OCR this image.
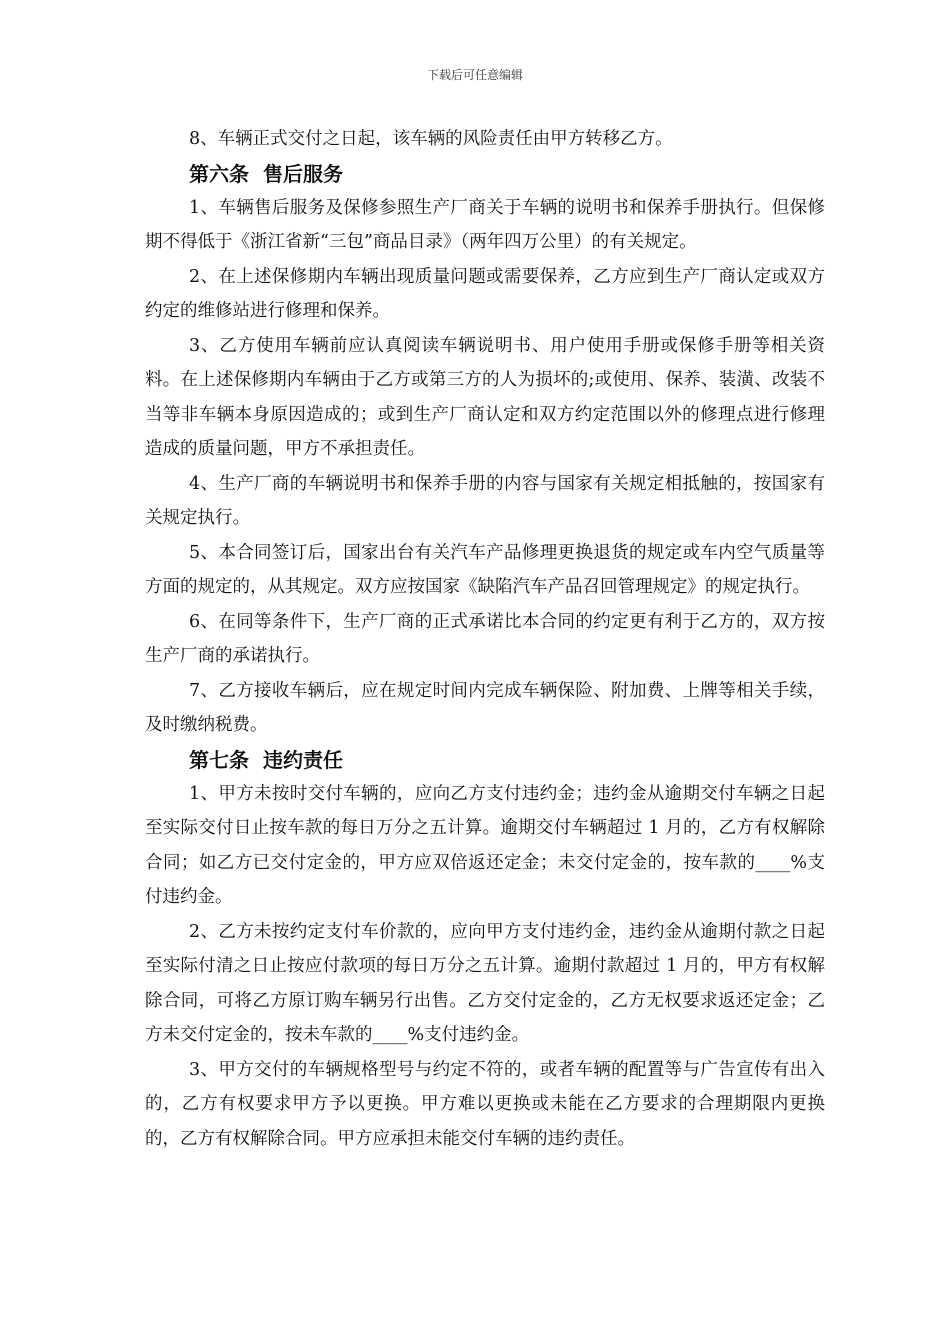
下载后可任意编辑

8、车辆正式交付之日起，该车辆的风险责任由甲方转移乙方。

第六条 售后服务

1、车辆售后服务及保修参照生产厂商关于车辆的说明书和保养手册执行。但保修期不得低于《浙江省新“三包”商品目录》（两年四万公里）的有关规定。

2、在上述保修期内车辆出现质量问题或需要保养，乙方应到生产厂商认定或双方约定的维修站进行修理和保养。

3、乙方使用车辆前应认真阅读车辆说明书、用户使用手册或保修手册等相关资料。在上述保修期内车辆由于乙方或第三方的人为损坏的;或使用、保养、装潢、改装不当等非车辆本身原因造成的；或到生产厂商认定和双方约定范围以外的修理点进行修理造成的质量问题，甲方不承担责任。

4、生产厂商的车辆说明书和保养手册的内容与国家有关规定相抵触的，按国家有关规定执行。

5、本合同签订后，国家出台有关汽车产品修理更换退货的规定或车内空气质量等方面的规定的，从其规定。双方应按国家《缺陷汽车产品召回管理规定》的规定执行。

6、在同等条件下，生产厂商的正式承诺比本合同的约定更有利于乙方的，双方按生产厂商的承诺执行。

7、乙方接收车辆后，应在规定时间内完成车辆保险、附加费、上牌等相关手续，及时缴纳税费。

第七条 违约责任

1、甲方未按时交付车辆的，应向乙方支付违约金；违约金从逾期交付车辆之日起至实际交付日止按车款的每日万分之五计算。逾期交付车辆超过 1 月的，乙方有权解除合同；如乙方已交付定金的，甲方应双倍返还定金；未交付定金的，按车款的____%支付违约金。

2、乙方未按约定支付车价款的，应向甲方支付违约金，违约金从逾期付款之日起至实际付清之日止按应付款项的每日万分之五计算。逾期付款超过 1 月的，甲方有权解除合同，可将乙方原订购车辆另行出售。乙方交付定金的，乙方无权要求返还定金；乙方未交付定金的，按未车款的____%支付违约金。

3、甲方交付的车辆规格型号与约定不符的，或者车辆的配置等与广告宣传有出入的，乙方有权要求甲方予以更换。甲方难以更换或未能在乙方要求的合理期限内更换的，乙方有权解除合同。甲方应承担未能交付车辆的违约责任。
